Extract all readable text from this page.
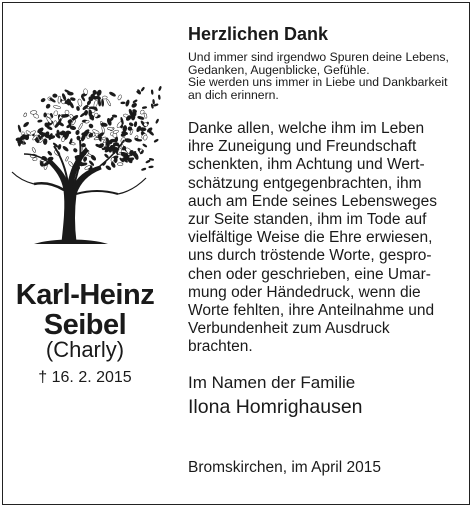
Karl-Heinz
Seibel
(Charly)
† 16. 2. 2015
Herzlichen Dank
Und immer sind irgendwo Spuren deine Lebens,
Gedanken, Augenblicke, Gefühle.
Sie werden uns immer in Liebe und Dankbarkeit
an dich erinnern.
Danke allen, welche ihm im Leben
ihre Zuneigung und Freundschaft
schenkten, ihm Achtung und Wert-
schätzung entgegenbrachten, ihm
auch am Ende seines Lebensweges
zur Seite standen, ihm im Tode auf
vielfältige Weise die Ehre erwiesen,
uns durch tröstende Worte, gespro-
chen oder geschrieben, eine Umar-
mung oder Händedruck, wenn die
Worte fehlten, ihre Anteilnahme und
Verbundenheit zum Ausdruck
brachten.
Im Namen der Familie
Ilona Homrighausen
Bromskirchen, im April 2015
